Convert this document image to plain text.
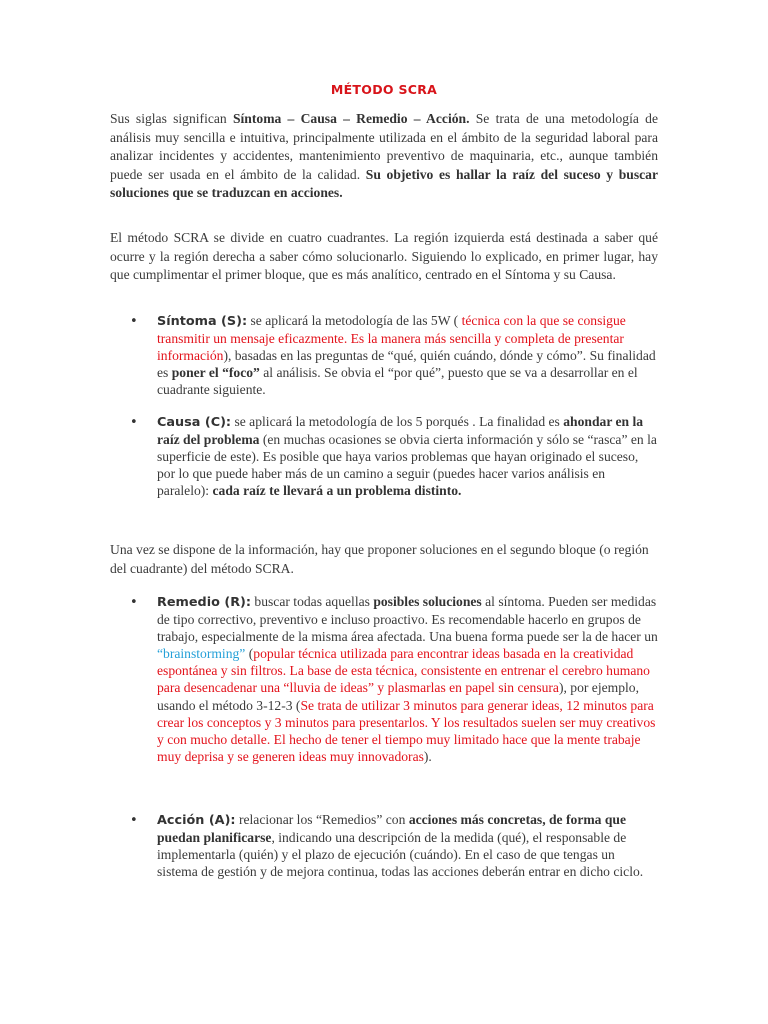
MÉTODO SCRA

Sus siglas significan Síntoma – Causa – Remedio – Acción. Se trata de una metodología de análisis muy sencilla e intuitiva, principalmente utilizada en el ámbito de la seguridad laboral para analizar incidentes y accidentes, mantenimiento preventivo de maquinaria, etc., aunque también puede ser usada en el ámbito de la calidad. Su objetivo es hallar la raíz del suceso y buscar soluciones que se traduzcan en acciones.

El método SCRA se divide en cuatro cuadrantes. La región izquierda está destinada a saber qué ocurre y la región derecha a saber cómo solucionarlo. Siguiendo lo explicado, en primer lugar, hay que cumplimentar el primer bloque, que es más analítico, centrado en el Síntoma y su Causa.

• Síntoma (S): se aplicará la metodología de las 5W ( técnica con la que se consigue transmitir un mensaje eficazmente. Es la manera más sencilla y completa de presentar información), basadas en las preguntas de “qué, quién cuándo, dónde y cómo”. Su finalidad es poner el “foco” al análisis. Se obvia el “por qué”, puesto que se va a desarrollar en el cuadrante siguiente.

• Causa (C): se aplicará la metodología de los 5 porqués . La finalidad es ahondar en la raíz del problema (en muchas ocasiones se obvia cierta información y sólo se “rasca” en la superficie de este). Es posible que haya varios problemas que hayan originado el suceso, por lo que puede haber más de un camino a seguir (puedes hacer varios análisis en paralelo): cada raíz te llevará a un problema distinto.

Una vez se dispone de la información, hay que proponer soluciones en el segundo bloque (o región del cuadrante) del método SCRA.

• Remedio (R): buscar todas aquellas posibles soluciones al síntoma. Pueden ser medidas de tipo correctivo, preventivo e incluso proactivo. Es recomendable hacerlo en grupos de trabajo, especialmente de la misma área afectada. Una buena forma puede ser la de hacer un “brainstorming” (popular técnica utilizada para encontrar ideas basada en la creatividad espontánea y sin filtros. La base de esta técnica, consistente en entrenar el cerebro humano para desencadenar una “lluvia de ideas” y plasmarlas en papel sin censura), por ejemplo, usando el método 3-12-3 (Se trata de utilizar 3 minutos para generar ideas, 12 minutos para crear los conceptos y 3 minutos para presentarlos. Y los resultados suelen ser muy creativos y con mucho detalle. El hecho de tener el tiempo muy limitado hace que la mente trabaje muy deprisa y se generen ideas muy innovadoras).

• Acción (A): relacionar los “Remedios” con acciones más concretas, de forma que puedan planificarse, indicando una descripción de la medida (qué), el responsable de implementarla (quién) y el plazo de ejecución (cuándo). En el caso de que tengas un sistema de gestión y de mejora continua, todas las acciones deberán entrar en dicho ciclo.
